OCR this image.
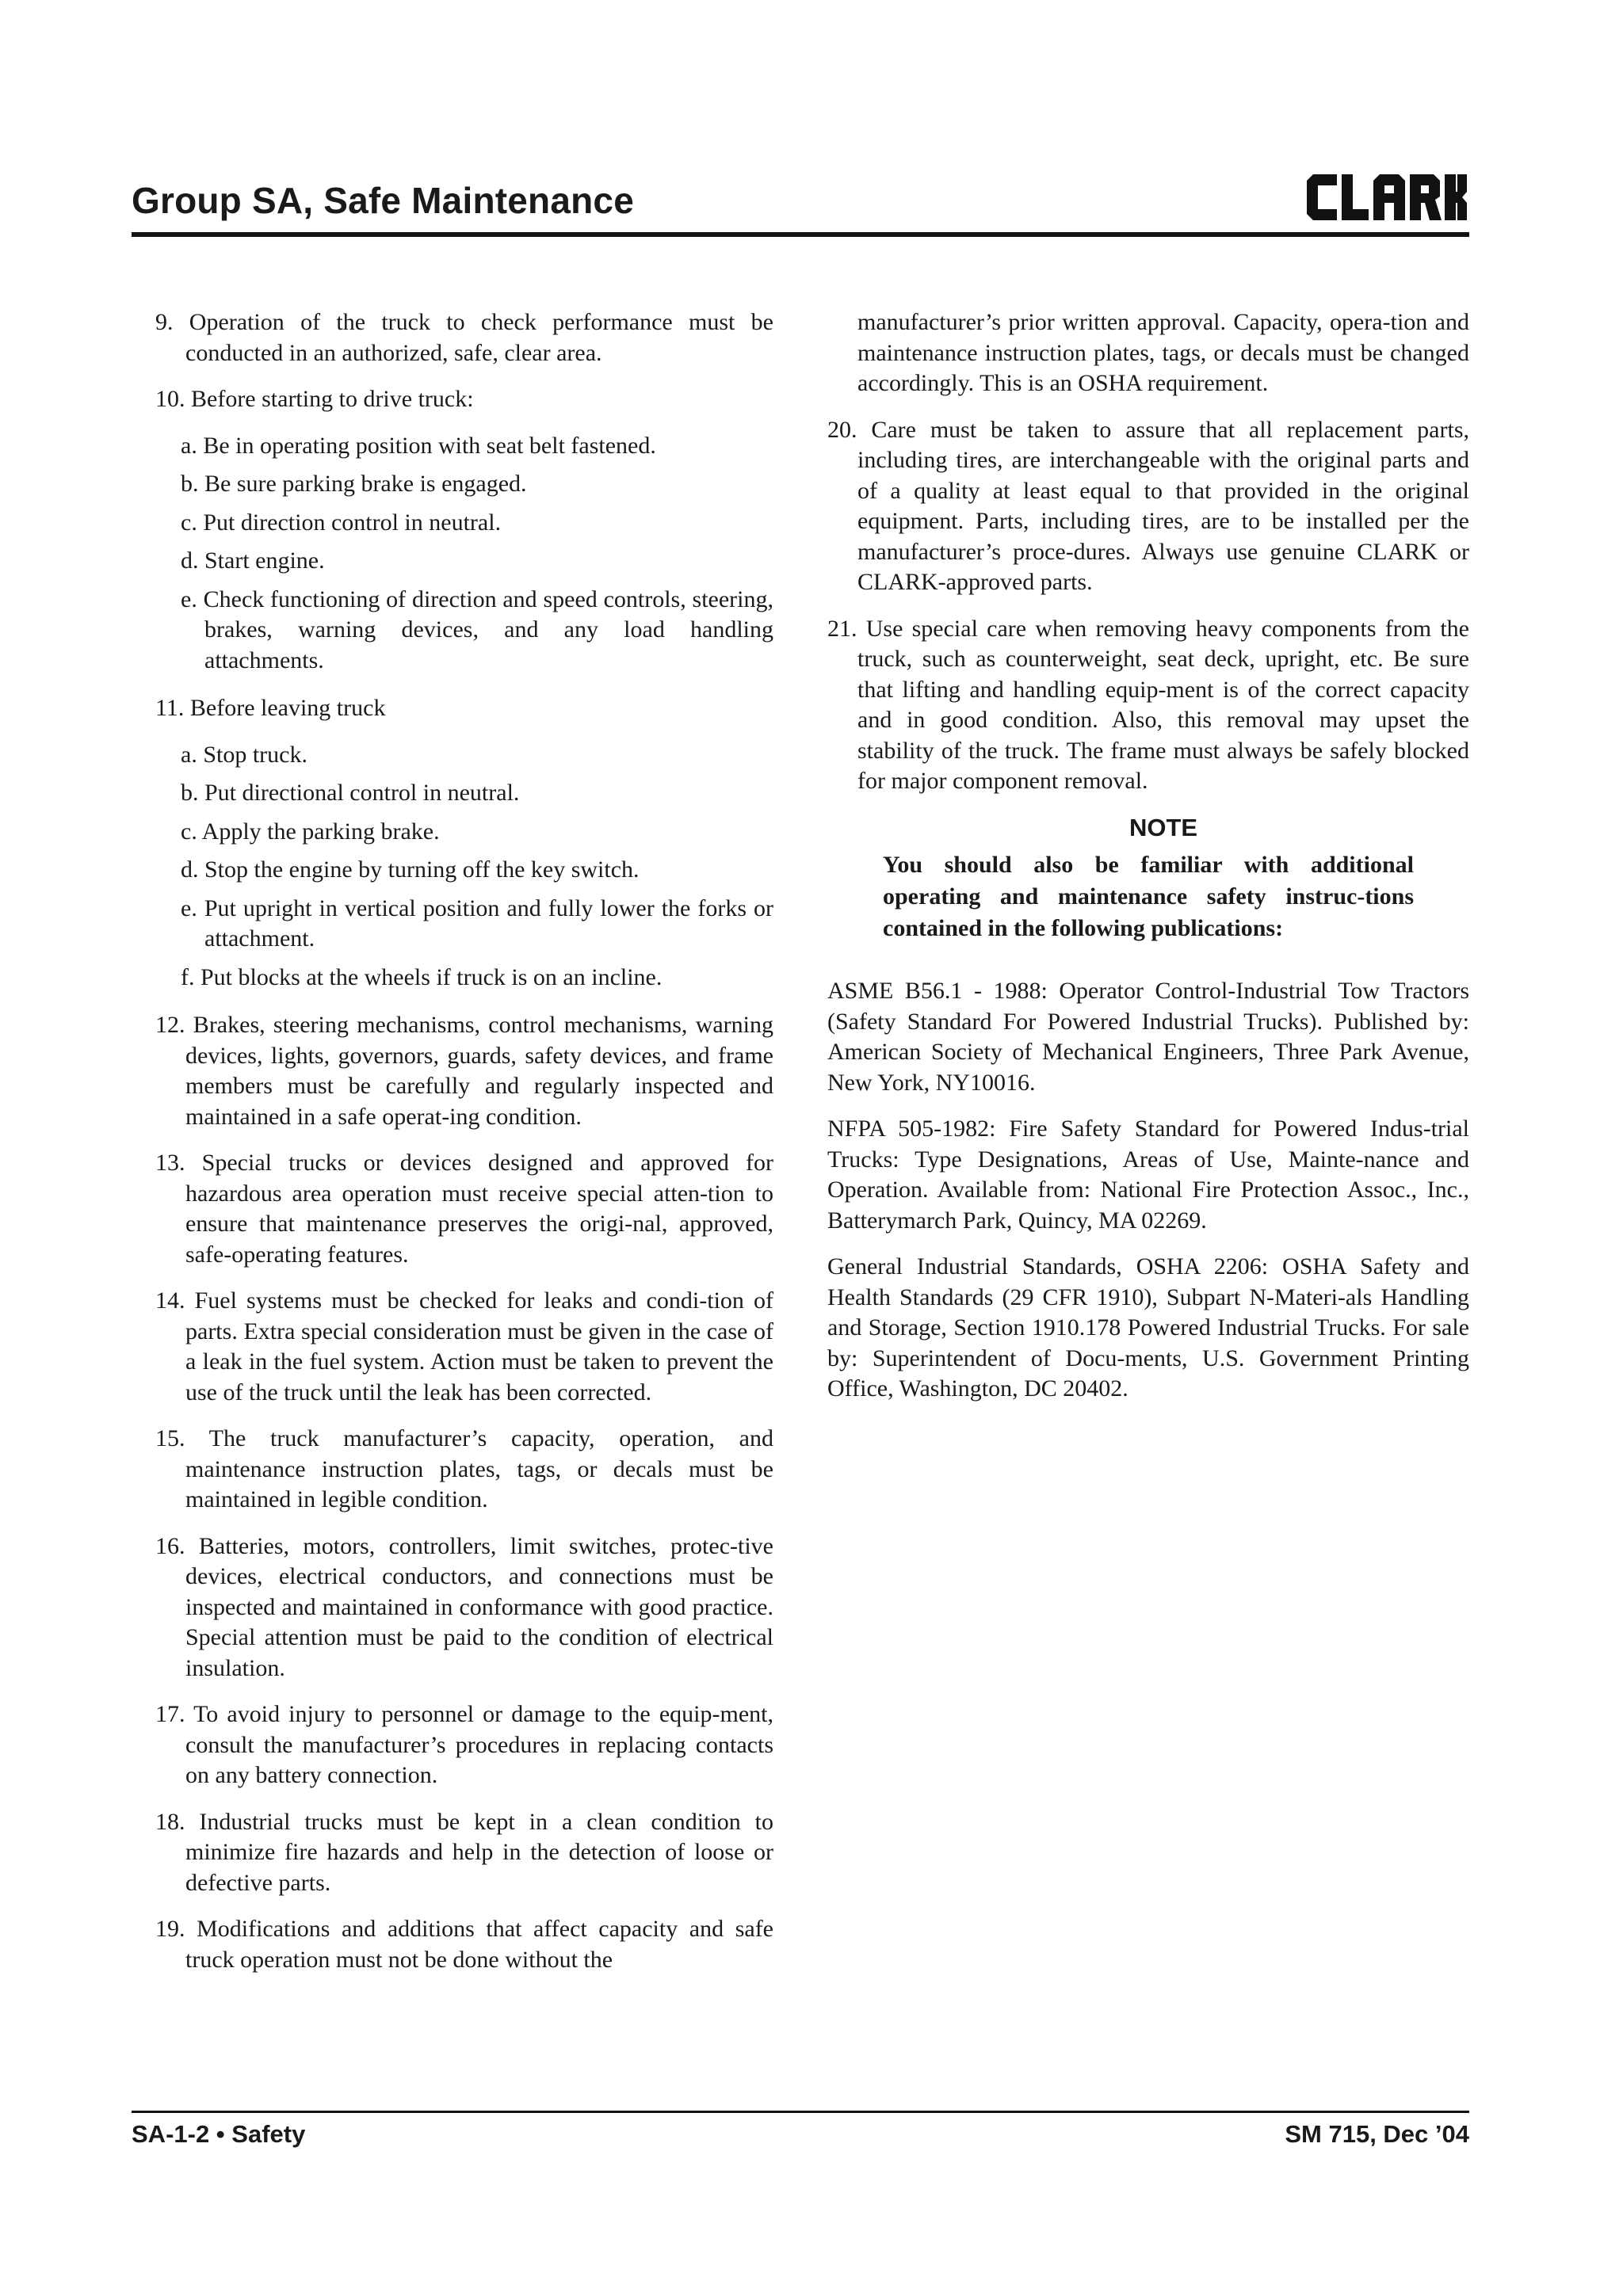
Group SA, Safe Maintenance

9. Operation of the truck to check performance must be conducted in an authorized, safe, clear area.

10. Before starting to drive truck:

a. Be in operating position with seat belt fastened.

b. Be sure parking brake is engaged.

c. Put direction control in neutral.

d. Start engine.

e. Check functioning of direction and speed controls, steering, brakes, warning devices, and any load handling attachments.

11. Before leaving truck

a. Stop truck.

b. Put directional control in neutral.

c. Apply the parking brake.

d. Stop the engine by turning off the key switch.

e. Put upright in vertical position and fully lower the forks or attachment.

f. Put blocks at the wheels if truck is on an incline.

12. Brakes, steering mechanisms, control mechanisms, warning devices, lights, governors, guards, safety devices, and frame members must be carefully and regularly inspected and maintained in a safe operat-ing condition.

13. Special trucks or devices designed and approved for hazardous area operation must receive special atten-tion to ensure that maintenance preserves the origi-nal, approved, safe-operating features.

14. Fuel systems must be checked for leaks and condi-tion of parts. Extra special consideration must be given in the case of a leak in the fuel system. Action must be taken to prevent the use of the truck until the leak has been corrected.

15. The truck manufacturer’s capacity, operation, and maintenance instruction plates, tags, or decals must be maintained in legible condition.

16. Batteries, motors, controllers, limit switches, protec-tive devices, electrical conductors, and connections must be inspected and maintained in conformance with good practice. Special attention must be paid to the condition of electrical insulation.

17. To avoid injury to personnel or damage to the equip-ment, consult the manufacturer’s procedures in replacing contacts on any battery connection.

18. Industrial trucks must be kept in a clean condition to minimize fire hazards and help in the detection of loose or defective parts.

19. Modifications and additions that affect capacity and safe truck operation must not be done without the

manufacturer’s prior written approval. Capacity, opera-tion and maintenance instruction plates, tags, or decals must be changed accordingly. This is an OSHA requirement.

20. Care must be taken to assure that all replacement parts, including tires, are interchangeable with the original parts and of a quality at least equal to that provided in the original equipment. Parts, including tires, are to be installed per the manufacturer’s proce-dures. Always use genuine CLARK or CLARK-approved parts.

21. Use special care when removing heavy components from the truck, such as counterweight, seat deck, upright, etc. Be sure that lifting and handling equip-ment is of the correct capacity and in good condition. Also, this removal may upset the stability of the truck. The frame must always be safely blocked for major component removal.

NOTE

You should also be familiar with additional operating and maintenance safety instruc-tions contained in the following publications:

ASME B56.1 - 1988: Operator Control-Industrial Tow Tractors (Safety Standard For Powered Industrial Trucks). Published by: American Society of Mechanical Engineers, Three Park Avenue, New York, NY10016.

NFPA 505-1982: Fire Safety Standard for Powered Indus-trial Trucks: Type Designations, Areas of Use, Mainte-nance and Operation. Available from: National Fire Protection Assoc., Inc., Batterymarch Park, Quincy, MA 02269.

General Industrial Standards, OSHA 2206: OSHA Safety and Health Standards (29 CFR 1910), Subpart N-Materi-als Handling and Storage, Section 1910.178 Powered Industrial Trucks. For sale by: Superintendent of Docu-ments, U.S. Government Printing Office, Washington, DC 20402.

SA-1-2 • Safety	SM 715, Dec ’04
